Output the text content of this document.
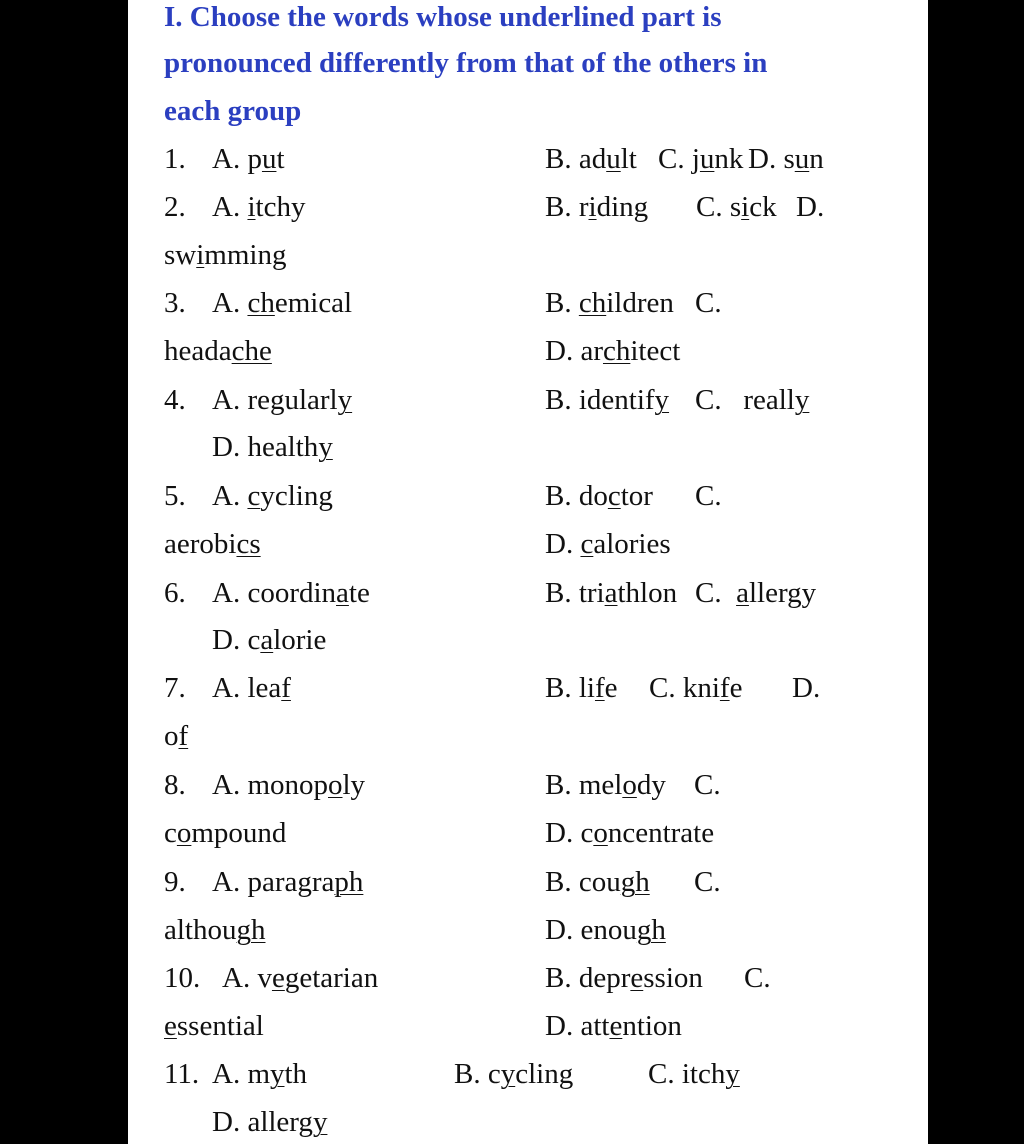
I. Choose the words whose underlined part is
pronounced differently from that of the others in
each group
1. A. put	B. adult C. junk D. sun
2. A. itchy	B. riding C. sick D.
swimming
3. A. chemical	B. children C.
headаche	D. architect
4. A. regularly	B. identify C.   really
D. healthy
5. A. cycling	B. doctor C.
aerobics	D. calories
6. A. coordinate	B. triathlon C.  allergy
D. calorie
7. A. leaf	B. life C. knife D.
of
8. A. monopoly	B. melody C.
compound	D. concentrate
9. A. paragraph	B. cough C.
although	D. enough
10. A. vegetarian	B. depression C.
essential	D. attention
11. A. myth	B. cycling	C. itchy
D. allergy
